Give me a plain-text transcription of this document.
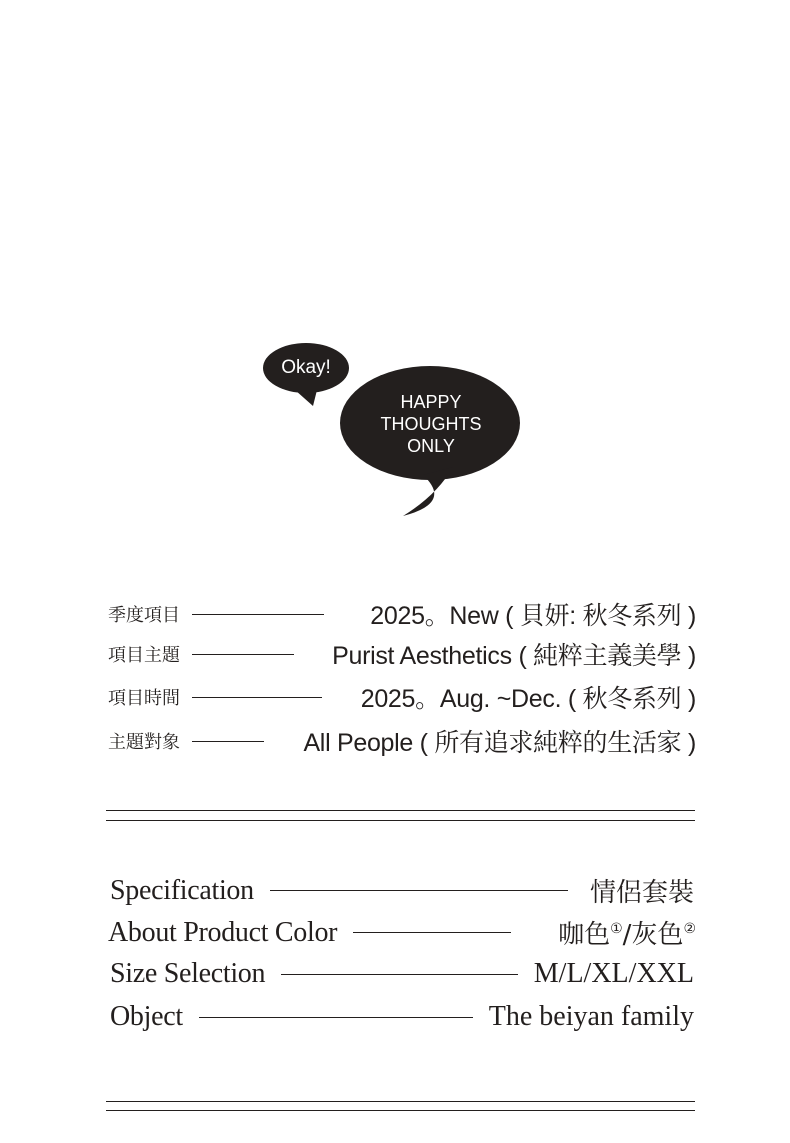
Okay!
HAPPY
THOUGHTS
ONLY
季度項目	2025。New ( 貝妍: 秋冬系列 )
項目主題	Purist Aesthetics ( 純粹主義美學 )
項目時間	2025。Aug. ~Dec. ( 秋冬系列 )
主題對象	All People ( 所有追求純粹的生活家 )
Specification	情侶套裝
About Product Color	咖色①/灰色②
Size Selection	M/L/XL/XXL
Object	The beiyan family
